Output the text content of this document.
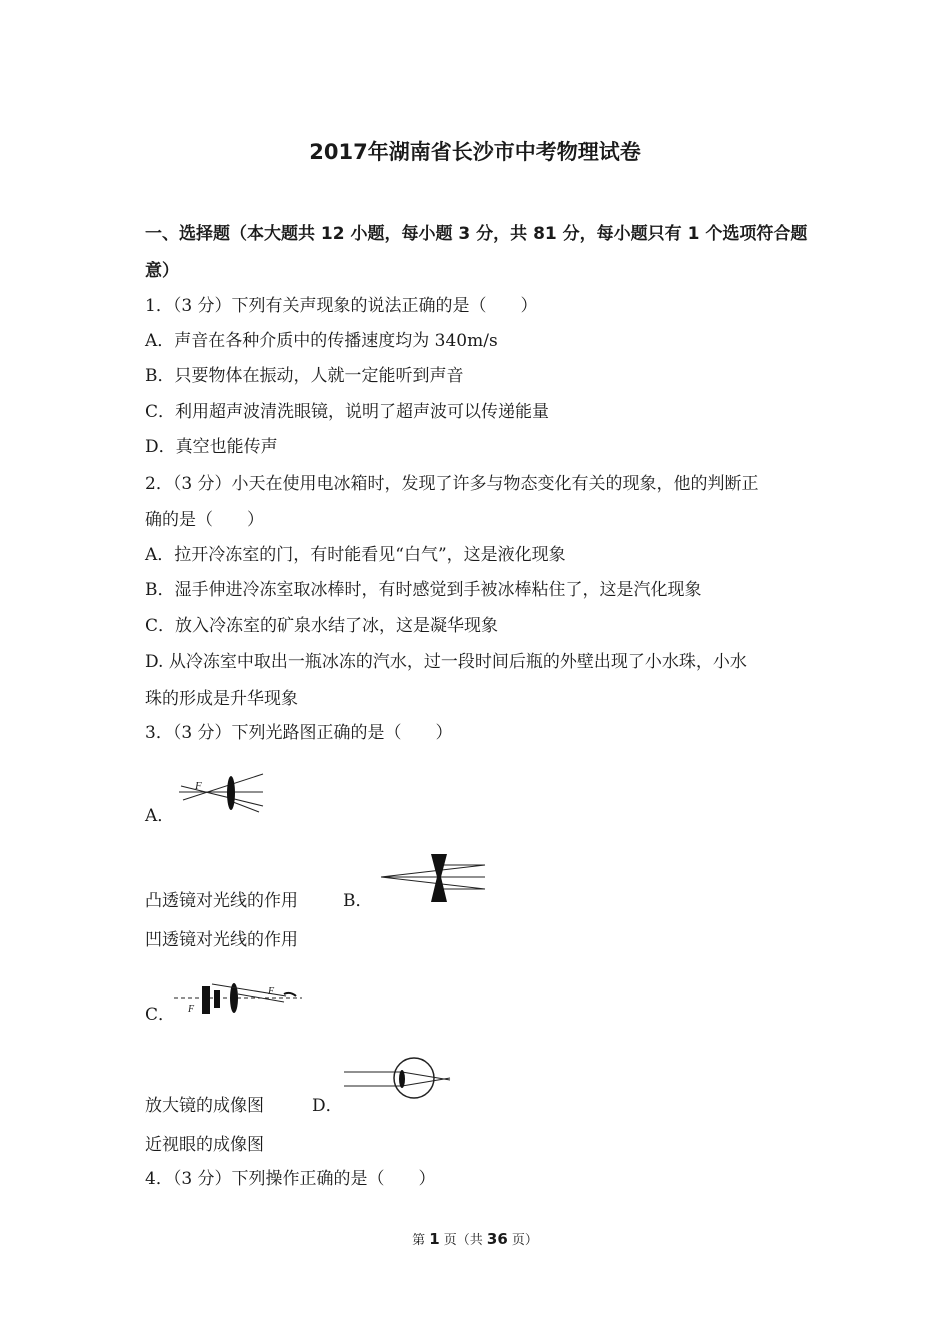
2017年湖南省长沙市中考物理试卷
一、选择题（本大题共 12 小题，每小题 3 分，共 81 分，每小题只有 1 个选项符合题
意）
1．（3 分）下列有关声现象的说法正确的是（　　）
A．声音在各种介质中的传播速度均为 340m/s
B．只要物体在振动，人就一定能听到声音
C．利用超声波清洗眼镜，说明了超声波可以传递能量
D．真空也能传声
2．（3 分）小天在使用电冰箱时，发现了许多与物态变化有关的现象，他的判断正
确的是（　　）
A．拉开冷冻室的门，有时能看见“白气”，这是液化现象
B．湿手伸进冷冻室取冰棒时，有时感觉到手被冰棒粘住了，这是汽化现象
C．放入冷冻室的矿泉水结了冰，这是凝华现象
D. 从冷冻室中取出一瓶冰冻的汽水，过一段时间后瓶的外壁出现了小水珠，小水
珠的形成是升华现象
3．（3 分）下列光路图正确的是（　　）
A．
F
凸透镜对光线的作用	B．
凹透镜对光线的作用
C． F
F
放大镜的成像图	D．
近视眼的成像图
4．（3 分）下列操作正确的是（　　）
第 1 页（共 36 页）
